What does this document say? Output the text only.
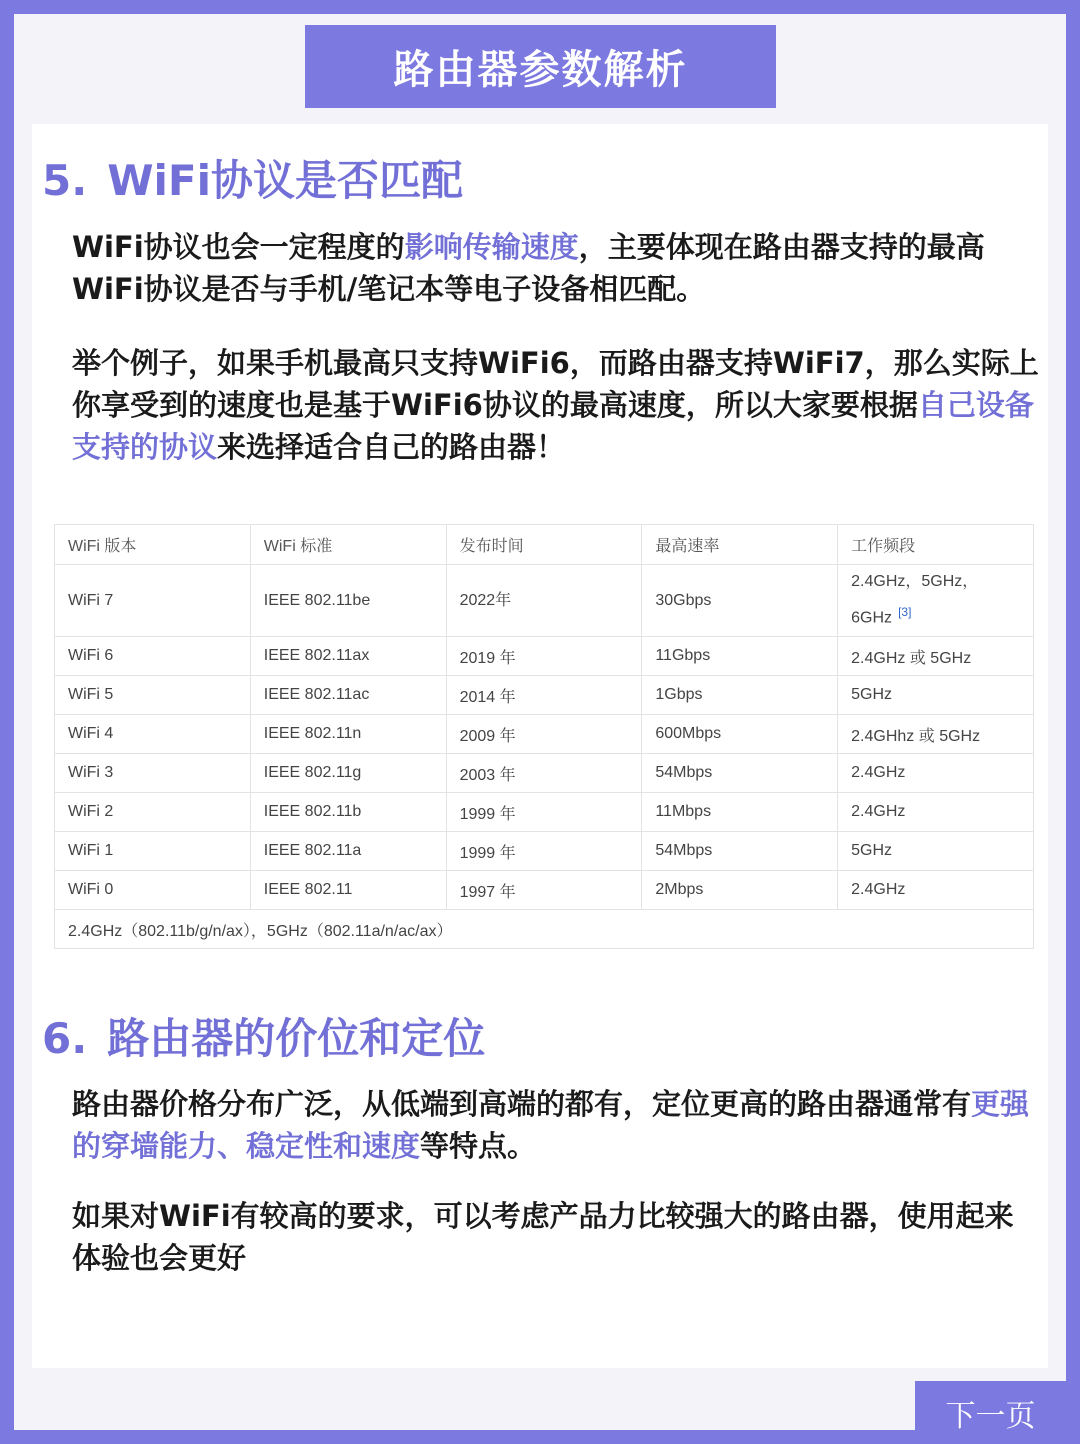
路由器参数解析
5. WiFi协议是否匹配

WiFi协议也会一定程度的影响传输速度，主要体现在路由器支持的最高WiFi协议是否与手机/笔记本等电子设备相匹配。

举个例子，如果手机最高只支持WiFi6，而路由器支持WiFi7，那么实际上你享受到的速度也是基于WiFi6协议的最高速度，所以大家要根据自己设备支持的协议来选择适合自己的路由器！

WiFi 版本	WiFi 标准	发布时间	最高速率	工作频段
WiFi 7	IEEE 802.11be	2022年	30Gbps	2.4GHz，5GHz，6GHz [3]
WiFi 6	IEEE 802.11ax	2019 年	11Gbps	2.4GHz 或 5GHz
WiFi 5	IEEE 802.11ac	2014 年	1Gbps	5GHz
WiFi 4	IEEE 802.11n	2009 年	600Mbps	2.4GHhz 或 5GHz
WiFi 3	IEEE 802.11g	2003 年	54Mbps	2.4GHz
WiFi 2	IEEE 802.11b	1999 年	11Mbps	2.4GHz
WiFi 1	IEEE 802.11a	1999 年	54Mbps	5GHz
WiFi 0	IEEE 802.11	1997 年	2Mbps	2.4GHz
2.4GHz（802.11b/g/n/ax），5GHz（802.11a/n/ac/ax）				
6. 路由器的价位和定位

路由器价格分布广泛，从低端到高端的都有，定位更高的路由器通常有更强的穿墙能力、稳定性和速度等特点。

如果对WiFi有较高的要求，可以考虑产品力比较强大的路由器，使用起来体验也会更好

下一页
